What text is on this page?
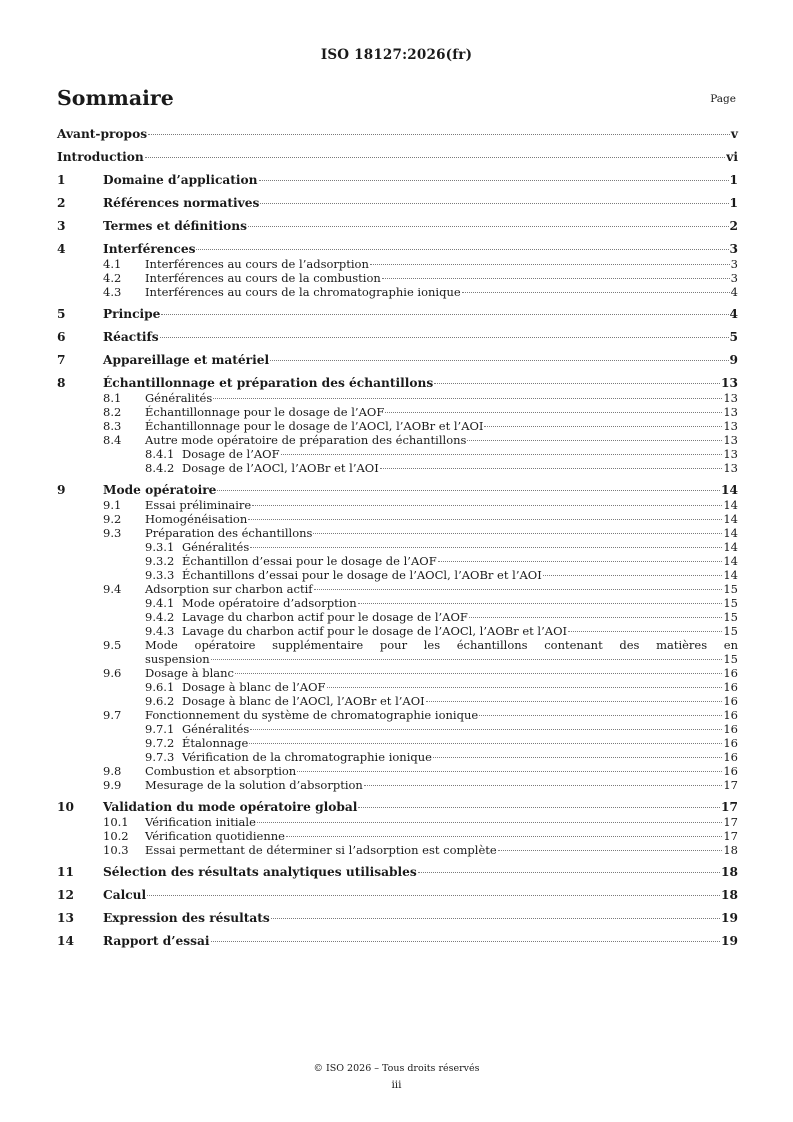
ISO 18127:2026(fr)
Sommaire	Page
Avant-propos	v
Introduction	vi
1	Domaine d’application	1
2	Références normatives	1
3	Termes et définitions	2
4	Interférences	3
4.1	Interférences au cours de l’adsorption	3
4.2	Interférences au cours de la combustion	3
4.3	Interférences au cours de la chromatographie ionique	4
5	Principe	4
6	Réactifs	5
7	Appareillage et matériel	9
8	Échantillonnage et préparation des échantillons	13
8.1	Généralités	13
8.2	Échantillonnage pour le dosage de l’AOF	13
8.3	Échantillonnage pour le dosage de l’AOCl, l’AOBr et l’AOI	13
8.4	Autre mode opératoire de préparation des échantillons	13
8.4.1 Dosage de l’AOF	13
8.4.2 Dosage de l’AOCl, l’AOBr et l’AOI	13
9	Mode opératoire	14
9.1	Essai préliminaire	14
9.2	Homogénéisation	14
9.3	Préparation des échantillons	14
9.3.1 Généralités	14
9.3.2 Échantillon d’essai pour le dosage de l’AOF	14
9.3.3 Échantillons d’essai pour le dosage de l’AOCl, l’AOBr et l’AOI	14
9.4	Adsorption sur charbon actif	15
9.4.1 Mode opératoire d’adsorption	15
9.4.2 Lavage du charbon actif pour le dosage de l’AOF	15
9.4.3 Lavage du charbon actif pour le dosage de l’AOCl, l’AOBr et l’AOI	15
9.5	Mode opératoire supplémentaire pour les échantillons contenant des matières en
suspension	15
9.6	Dosage à blanc	16
9.6.1 Dosage à blanc de l’AOF	16
9.6.2 Dosage à blanc de l’AOCl, l’AOBr et l’AOI	16
9.7	Fonctionnement du système de chromatographie ionique	16
9.7.1 Généralités	16
9.7.2 Étalonnage	16
9.7.3 Vérification de la chromatographie ionique	16
9.8	Combustion et absorption	16
9.9	Mesurage de la solution d’absorption	17
10	Validation du mode opératoire global	17
10.1	Vérification initiale	17
10.2	Vérification quotidienne	17
10.3	Essai permettant de déterminer si l’adsorption est complète	18
11	Sélection des résultats analytiques utilisables	18
12	Calcul	18
13	Expression des résultats	19
14	Rapport d’essai	19
© ISO 2026 – Tous droits réservés
iii
